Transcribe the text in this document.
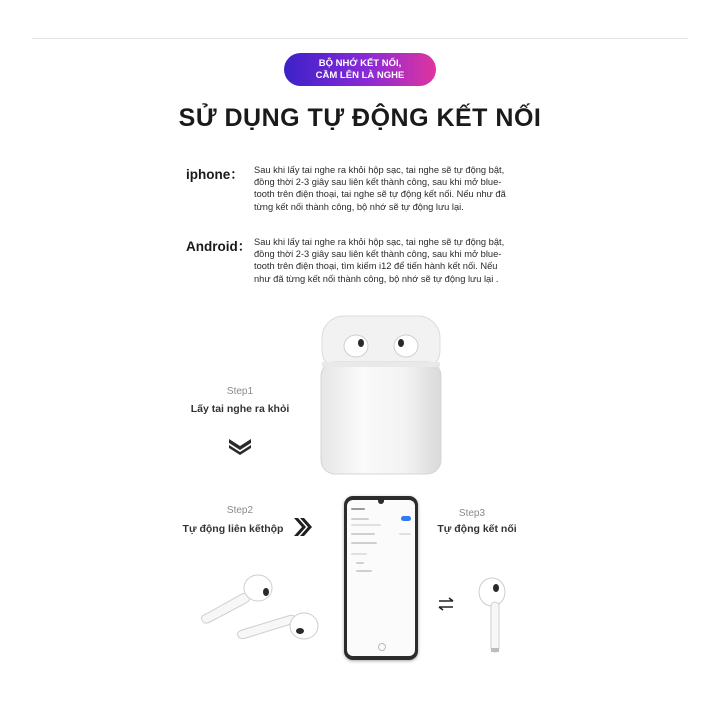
BỘ NHỚ KẾT NỐI,
CẦM LÊN LÀ NGHE
SỬ DỤNG TỰ ĐỘNG KẾT NỐI
iphone： Sau khi lấy tai nghe ra khỏi hộp sạc, tai nghe sẽ tự động bật,
đồng thời 2-3 giây sau liên kết thành công, sau khi mở blue-
tooth trên điện thoại, tai nghe sẽ tự động kết nối. Nếu như đã
từng kết nối thành công, bộ nhớ sẽ tự động lưu lại.
Android： Sau khi lấy tai nghe ra khỏi hộp sạc, tai nghe sẽ tự động bật,
đồng thời 2-3 giây sau liên kết thành công, sau khi mở blue-
tooth trên điện thoại, tìm kiếm i12 để tiến hành kết nối. Nếu
như đã từng kết nối thành công, bộ nhớ sẽ tự động lưu lại .
Step1
Lấy tai nghe ra khỏi
Step2
Tự động liên kếthộp
Step3
Tự động kết nối
